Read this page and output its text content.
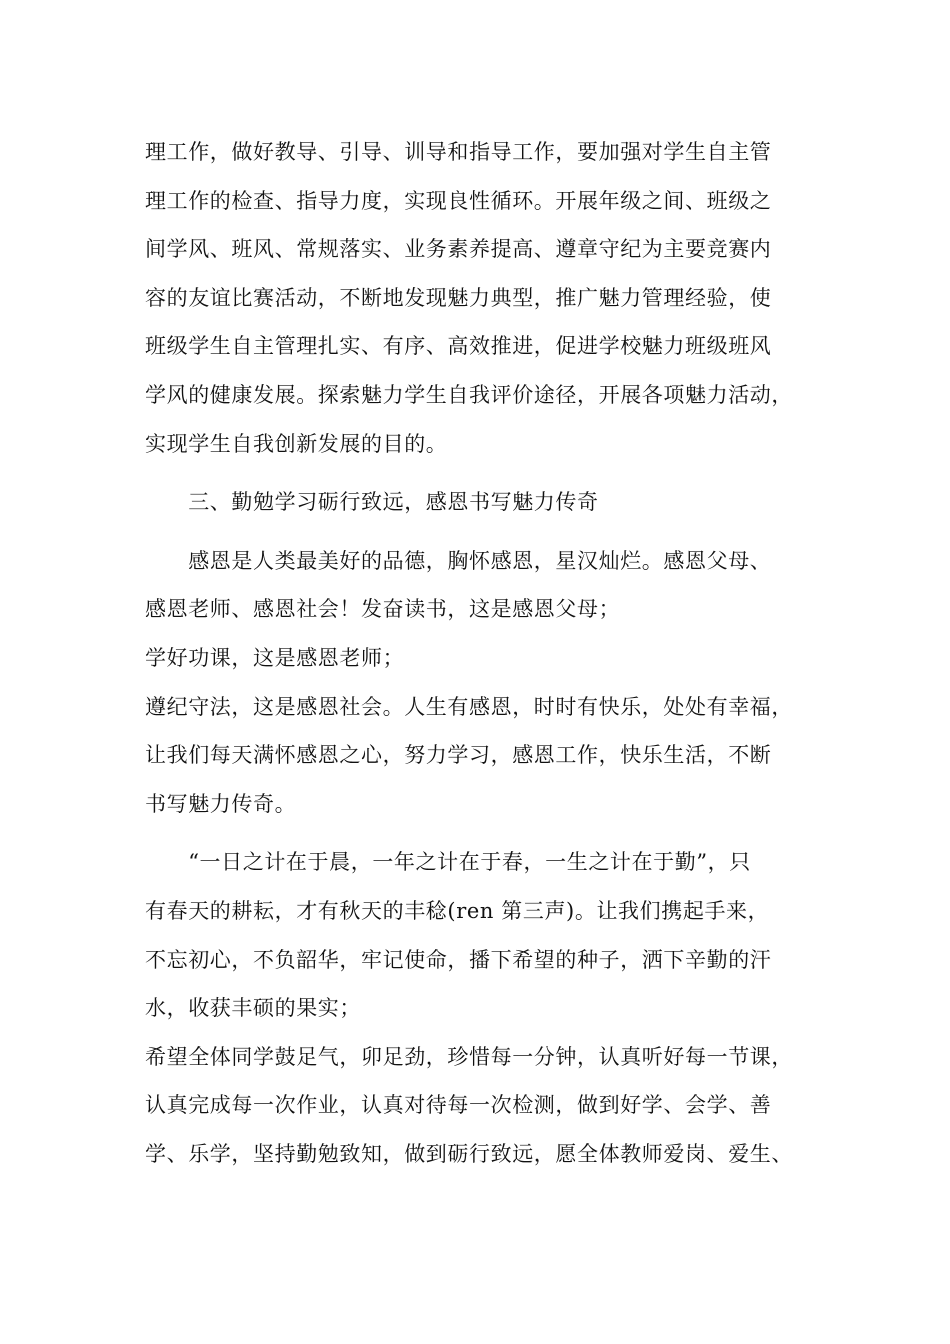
理工作，做好教导、引导、训导和指导工作，要加强对学生自主管
理工作的检查、指导力度，实现良性循环。开展年级之间、班级之
间学风、班风、常规落实、业务素养提高、遵章守纪为主要竞赛内
容的友谊比赛活动，不断地发现魅力典型，推广魅力管理经验，使
班级学生自主管理扎实、有序、高效推进，促进学校魅力班级班风
学风的健康发展。探索魅力学生自我评价途径，开展各项魅力活动，
实现学生自我创新发展的目的。
　　三、勤勉学习砺行致远，感恩书写魅力传奇
　　感恩是人类最美好的品德，胸怀感恩，星汉灿烂。感恩父母、
感恩老师、感恩社会！发奋读书，这是感恩父母；
学好功课，这是感恩老师；
遵纪守法，这是感恩社会。人生有感恩，时时有快乐，处处有幸福，
让我们每天满怀感恩之心，努力学习，感恩工作，快乐生活，不断
书写魅力传奇。
　　“一日之计在于晨，一年之计在于春，一生之计在于勤”，只
有春天的耕耘，才有秋天的丰稔(ren 第三声)。让我们携起手来，
不忘初心，不负韶华，牢记使命，播下希望的种子，洒下辛勤的汗
水，收获丰硕的果实；
希望全体同学鼓足气，卯足劲，珍惜每一分钟，认真听好每一节课，
认真完成每一次作业，认真对待每一次检测，做到好学、会学、善
学、乐学，坚持勤勉致知，做到砺行致远，愿全体教师爱岗、爱生、
